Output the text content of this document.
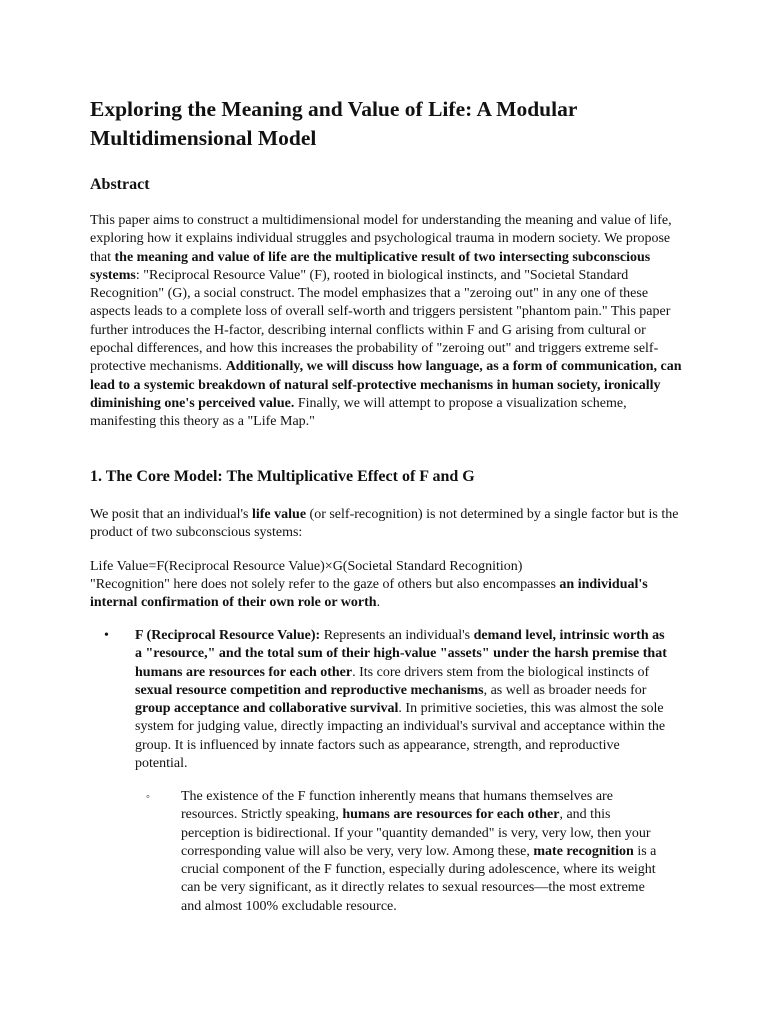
Exploring the Meaning and Value of Life: A Modular Multidimensional Model
Abstract

This paper aims to construct a multidimensional model for understanding the meaning and value of life, exploring how it explains individual struggles and psychological trauma in modern society. We propose that the meaning and value of life are the multiplicative result of two intersecting subconscious systems: "Reciprocal Resource Value" (F), rooted in biological instincts, and "Societal Standard Recognition" (G), a social construct. The model emphasizes that a "zeroing out" in any one of these aspects leads to a complete loss of overall self-worth and triggers persistent "phantom pain." This paper further introduces the H-factor, describing internal conflicts within F and G arising from cultural or epochal differences, and how this increases the probability of "zeroing out" and triggers extreme self-protective mechanisms. Additionally, we will discuss how language, as a form of communication, can lead to a systemic breakdown of natural self-protective mechanisms in human society, ironically diminishing one's perceived value. Finally, we will attempt to propose a visualization scheme, manifesting this theory as a "Life Map."

1. The Core Model: The Multiplicative Effect of F and G

We posit that an individual's life value (or self-recognition) is not determined by a single factor but is the product of two subconscious systems:

Life Value=F(Reciprocal Resource Value)×G(Societal Standard Recognition)

"Recognition" here does not solely refer to the gaze of others but also encompasses an individual's internal confirmation of their own role or worth.

• F (Reciprocal Resource Value): Represents an individual's demand level, intrinsic worth as a "resource," and the total sum of their high-value "assets" under the harsh premise that humans are resources for each other. Its core drivers stem from the biological instincts of sexual resource competition and reproductive mechanisms, as well as broader needs for group acceptance and collaborative survival. In primitive societies, this was almost the sole system for judging value, directly impacting an individual's survival and acceptance within the group. It is influenced by innate factors such as appearance, strength, and reproductive potential.

◦ The existence of the F function inherently means that humans themselves are resources. Strictly speaking, humans are resources for each other, and this perception is bidirectional. If your "quantity demanded" is very, very low, then your corresponding value will also be very, very low. Among these, mate recognition is a crucial component of the F function, especially during adolescence, where its weight can be very significant, as it directly relates to sexual resources—the most extreme and almost 100% excludable resource.
